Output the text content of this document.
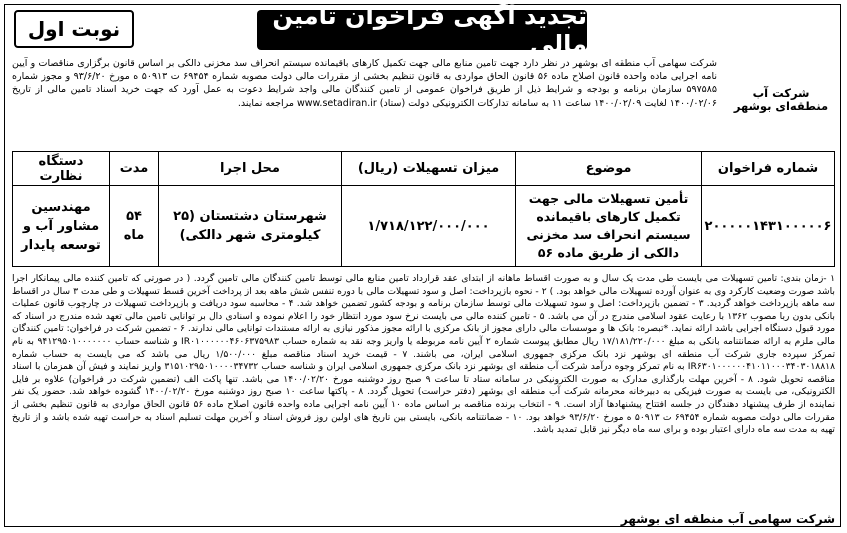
تجدید آگهی فراخوان تامین مالی
نوبت اول
شرکت آب منطقه‌ای بوشهر
شرکت سهامی آب منطقه ای بوشهر در نظر دارد جهت تامین منابع مالی جهت تکمیل کارهای باقیمانده سیستم انحراف سد مخزنی دالکی بر اساس قانون برگزاری مناقصات و آیین نامه اجرایی ماده واحده قانون اصلاح ماده ۵۶ قانون الحاق مواردی به قانون تنظیم بخشی از مقررات مالی دولت مصوبه شماره ۶۹۴۵۴ ت ۵۰۹۱۳ ه مورخ ۹۳/۶/۲۰ و مجوز شماره ۵۹۷۵۸۵ سازمان برنامه و بودجه و شرایط ذیل از طریق فراخوان عمومی از تامین کنندگان مالی واجد شرایط دعوت به عمل آورد که جهت خرید اسناد تامین مالی از تاریخ ۱۴۰۰/۰۲/۰۶ لغایت ۱۴۰۰/۰۲/۰۹ ساعت ۱۱ به سامانه تدارکات الکترونیکی دولت (ستاد) www.setadiran.ir مراجعه نمایند.
شماره فراخوان
موضوع
میزان تسهیلات (ریال)
محل اجرا
مدت
دستگاه نظارت
۲۰۰۰۰۰۱۴۳۱۰۰۰۰۰۶
تأمین تسهیلات مالی جهت تکمیل کارهای باقیمانده سیستم انحراف سد مخزنی دالکی از طریق ماده ۵۶
۱/۷۱۸/۱۲۲/۰۰۰/۰۰۰
شهرستان دشتستان (۲۵ کیلومتری شهر دالکی)
۵۴ ماه
مهندسین مشاور آب و توسعه پایدار
۱ -زمان بندی: تامین تسهیلات می بایست طی مدت یک سال و به صورت اقساط ماهانه از ابتدای عقد قرارداد تامین منابع مالی توسط تامین کنندگان مالی تامین گردد. ( در صورتی که تامین کننده مالی پیمانکار اجرا باشد صورت وضعیت کارکرد وی به عنوان آورده تسهیلات مالی خواهد بود. ) ۲ - نحوه بازپرداخت: اصل و سود تسهیلات مالی با دوره تنفس شش ماهه بعد از پرداخت آخرین قسط تسهیلات و طی مدت ۳ سال در اقساط سه ماهه بازپرداخت خواهد گردید. ۳ - تضمین بازپرداخت: اصل و سود تسهیلات مالی توسط سازمان برنامه و بودجه کشور تضمین خواهد شد. ۴ - محاسبه سود دریافت و بازپرداخت تسهیلات در چارچوب قانون عملیات بانکی بدون ربا مصوب ۱۳۶۲ با رعایت عقود اسلامی مندرج در آن می باشد. ۵ - تامین کننده مالی می بایست نرخ سود مورد انتظار خود را اعلام نموده و اسنادی دال بر توانایی تامین مالی تعهد شده مندرج در اسناد که مورد قبول دستگاه اجرایی باشد ارائه نماید. *تبصره: بانک ها و موسسات مالی دارای مجوز از بانک مرکزی با ارائه مجوز مذکور نیازی به ارائه مستندات توانایی مالی ندارند. ۶ - تضمین شرکت در فراخوان: تامین کنندگان مالی ملزم به ارائه ضمانتنامه بانکی به مبلغ ۱۷/۱۸۱/۲۲۰/۰۰۰ ریال مطابق پیوست شماره ۲ آیین نامه مربوطه یا واریز وجه نقد به شماره حساب IR۰۱۰۰۰۰۰۰۴۶۰۶۳۷۵۹۸۳ و شناسه حساب ۹۴۱۲۹۵۰۱۰۰۰۰۰۰۰ به نام تمرکز سپرده جاری شرکت آب منطقه ای بوشهر نزد بانک مرکزی جمهوری اسلامی ایران، می باشند. ۷ - قیمت خرید اسناد مناقصه مبلغ ۱/۵۰۰/۰۰۰ ریال می باشد که می بایست به حساب شماره IR۶۳۰۱۰۰۰۰۰۰۴۱۰۱۱۰۰۰۳۴۰۳۰۱۸۸۱۸ به نام تمرکز وجوه درآمد شرکت آب منطقه ای بوشهر نزد بانک مرکزی جمهوری اسلامی ایران و شناسه حساب ۳۱۵۱۰۲۹۵۰۱۰۰۰۰۳۴۷۳۲ واریز نمایند و فیش آن همزمان با اسناد مناقصه تحویل شود. ۸ - آخرین مهلت بارگذاری مدارک به صورت الکترونیکی در سامانه ستاد تا ساعت ۹ صبح روز دوشنبه مورخ ۱۴۰۰/۰۲/۲۰ می باشد. تنها پاکت الف (تضمین شرکت در فراخوان) علاوه بر فایل الکترونیکی، می بایست به صورت فیزیکی به دبیرخانه محرمانه شرکت آب منطقه ای بوشهر (دفتر حراست) تحویل گردد. ۸ - پاکتها ساعت ۱۰ صبح روز دوشنبه مورخ ۱۴۰۰/۰۲/۲۰ گشوده خواهد شد. حضور یک نفر نماینده از طرف پیشنهاد دهندگان در جلسه افتتاح پیشنهادها آزاد است. ۹ - انتخاب برنده مناقصه بر اساس ماده ۱۰ آیین نامه اجرایی ماده واحده قانون اصلاح ماده ۵۶ قانون الحاق مواردی به قانون تنظیم بخشی از مقررات مالی دولت مصوبه شماره ۶۹۴۵۴ ت ۵۰۹۱۳ ه مورخ ۹۳/۶/۲۰ خواهد بود. ۱۰ - ضمانتنامه بانکی، بایستی بین تاریخ های اولین روز فروش اسناد و آخرین مهلت تسلیم اسناد به حراست تهیه شده باشد و از تاریخ تهیه به مدت سه ماه دارای اعتبار بوده و برای سه ماه دیگر نیز قابل تمدید باشد.
شرکت سهامی آب منطقه ای بوشهر
